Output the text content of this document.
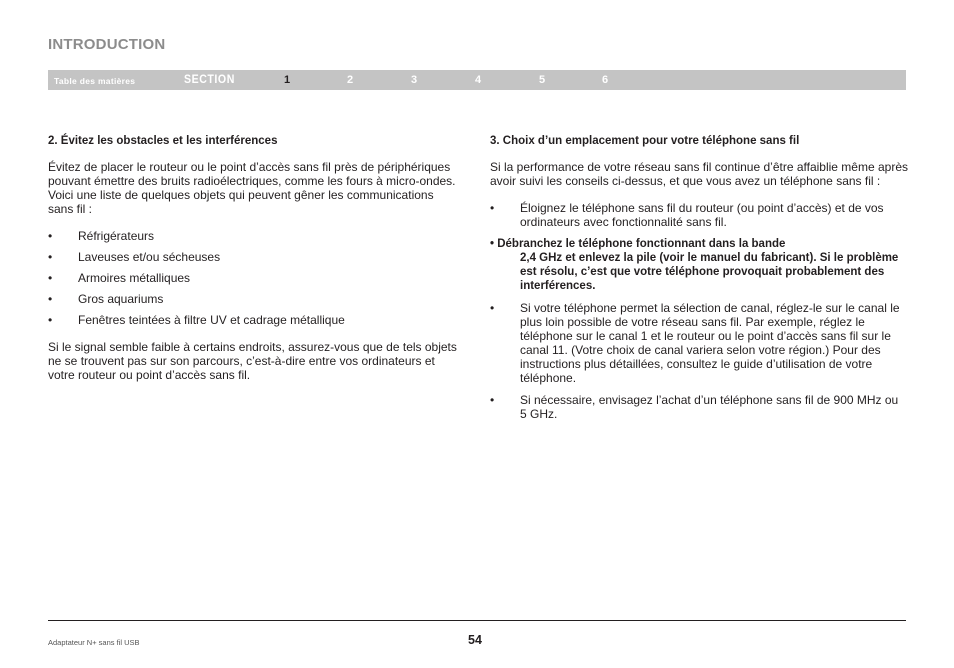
INTRODUCTION
Table des matières	SECTION	1	2	3	4	5	6
2. Évitez les obstacles et les interférences
Évitez de placer le routeur ou le point d’accès sans fil près de périphériques pouvant émettre des bruits radioélectriques, comme les fours à micro-ondes. Voici une liste de quelques objets qui peuvent gêner les communications sans fil :
• Réfrigérateurs
• Laveuses et/ou sécheuses
• Armoires métalliques
• Gros aquariums
• Fenêtres teintées à filtre UV et cadrage métallique
Si le signal semble faible à certains endroits, assurez-vous que de tels objets ne se trouvent pas sur son parcours, c’est-à-dire entre vos ordinateurs et votre routeur ou point d’accès sans fil.
3. Choix d’un emplacement pour votre téléphone sans fil
Si la performance de votre réseau sans fil continue d’être affaiblie même après avoir suivi les conseils ci-dessus, et que vous avez un téléphone sans fil :
• Éloignez le téléphone sans fil du routeur (ou point d’accès) et de vos ordinateurs avec fonctionnalité sans fil.
• Débranchez le téléphone fonctionnant dans la bande
2,4 GHz et enlevez la pile (voir le manuel du fabricant). Si le problème est résolu, c’est que votre téléphone provoquait probablement des interférences.
• Si votre téléphone permet la sélection de canal, réglez-le sur le canal le plus loin possible de votre réseau sans fil. Par exemple, réglez le téléphone sur le canal 1 et le routeur ou le point d’accès sans fil sur le canal 11. (Votre choix de canal variera selon votre région.) Pour des instructions plus détaillées, consultez le guide d’utilisation de votre téléphone.
• Si nécessaire, envisagez l’achat d’un téléphone sans fil de 900 MHz ou 5 GHz.
Adaptateur N+ sans fil USB	54
